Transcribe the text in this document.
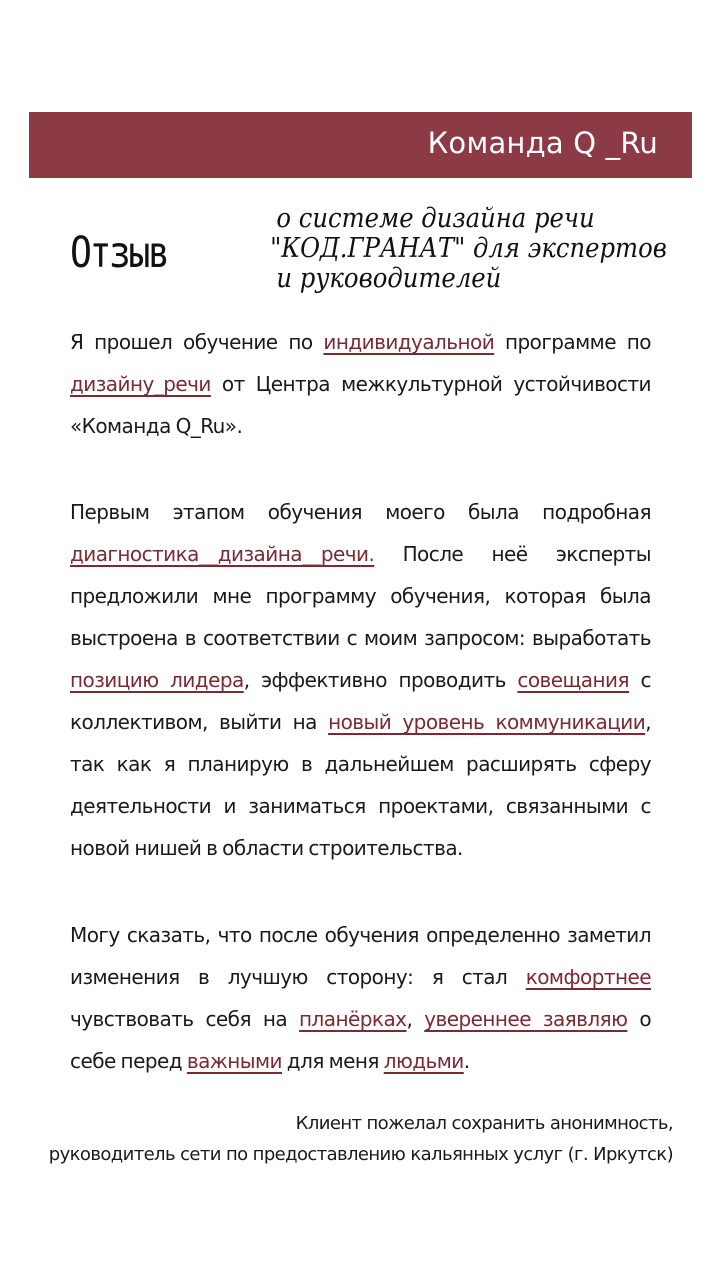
Команда Q _Ru
Отзыв
о системе дизайна речи
"КОД.ГРАНАТ" для экспертов
и руководителей
Я прошел обучение по индивидуальной программе по
дизайну_речи от Центра межкультурной устойчивости
«Команда Q_Ru».
Первым этапом обучения моего была подробная
диагностика__дизайна__речи. После неё эксперты
предложили мне программу обучения, которая была
выстроена в соответствии с моим запросом: выработать
позицию лидера, эффективно проводить совещания с
коллективом, выйти на новый уровень коммуникации,
так как я планирую в дальнейшем расширять сферу
деятельности и заниматься проектами, связанными с
новой нишей в области строительства.
Могу сказать, что после обучения определенно заметил
изменения в лучшую сторону: я стал комфортнее
чувствовать себя на планёрках, увереннее заявляю о
себе перед важными для меня людьми.
Клиент пожелал сохранить анонимность,
руководитель сети по предоставлению кальянных услуг (г. Иркутск)
